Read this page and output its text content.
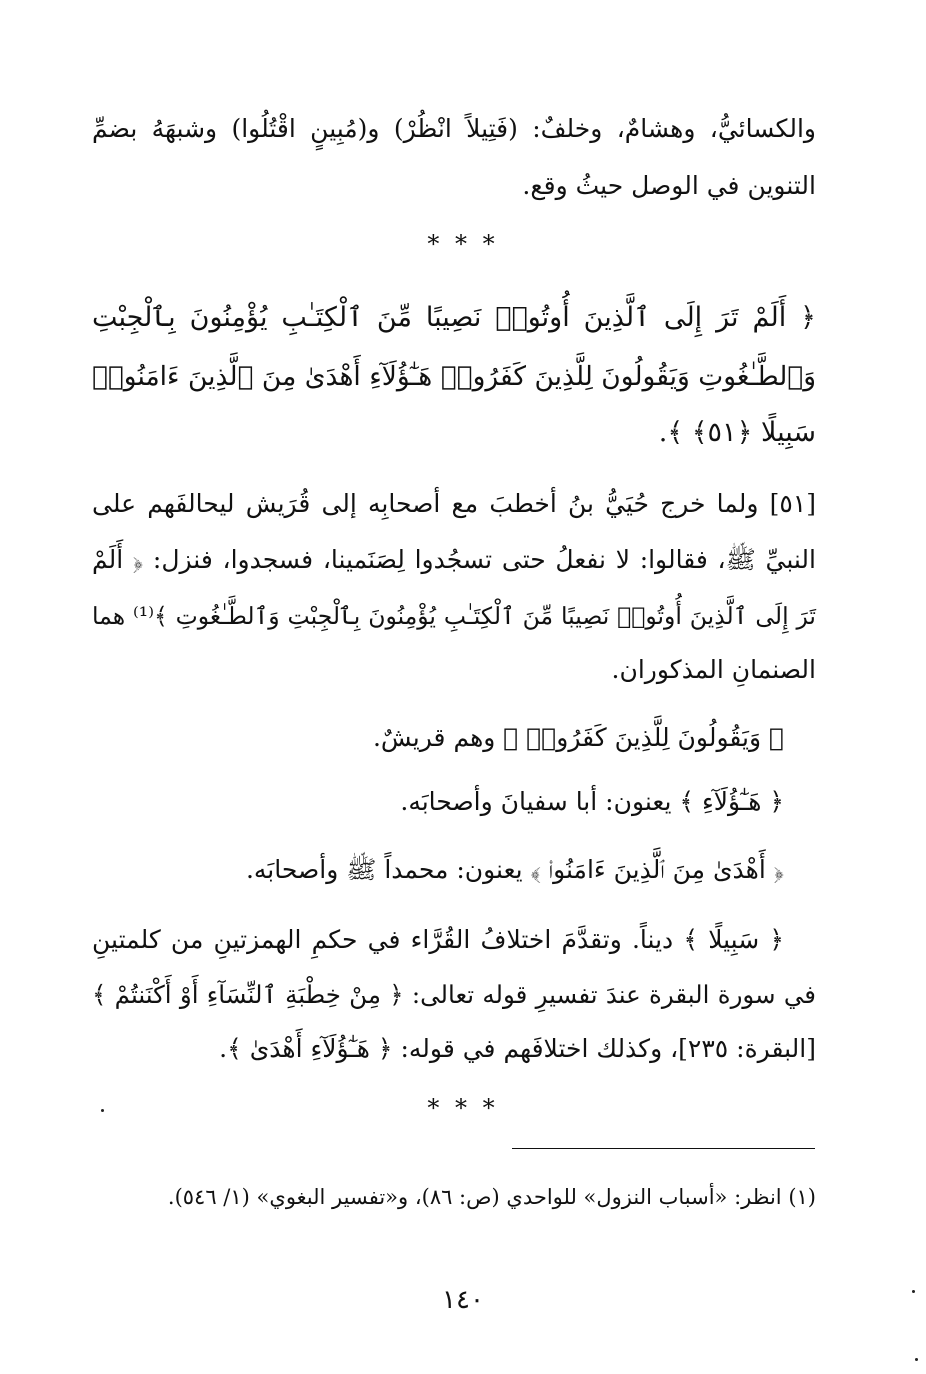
والكسائيُّ، وهشامٌ، وخلفٌ: (فَتِيلاً انْظُرْ) و(مُبِينٍ اقْتُلُوا) وشبهَهُ بضمِّ
التنوين في الوصل حيثُ وقع.
* * *
﴿ أَلَمْ تَرَ إِلَى ٱلَّذِينَ أُوتُوا۟ نَصِيبًا مِّنَ ٱلْكِتَـٰبِ يُؤْمِنُونَ بِٱلْجِبْتِ
وَٱلطَّـٰغُوتِ وَيَقُولُونَ لِلَّذِينَ كَفَرُوا۟ هَـٰٓؤُلَآءِ أَهْدَىٰ مِنَ ٱلَّذِينَ ءَامَنُوا۟
سَبِيلًا ﴿٥١﴾ ﴾.
[٥١] ولما خرج حُيَيُّ بنُ أخطبَ مع أصحابِه إلى قُرَيش ليحالفَهم على
النبيِّ ﷺ، فقالوا: لا نفعلُ حتى تسجُدوا لِصَنَمينا، فسجدوا، فنزل: ﴿ أَلَمْ
تَرَ إِلَى ٱلَّذِينَ أُوتُوا۟ نَصِيبًا مِّنَ ٱلْكِتَـٰبِ يُؤْمِنُونَ بِٱلْجِبْتِ وَٱلطَّـٰغُوتِ ﴾⁽¹⁾ هما
الصنمانِ المذكوران.
﴿ وَيَقُولُونَ لِلَّذِينَ كَفَرُوا۟ ﴾ وهم قريشٌ.
﴿ هَـٰٓؤُلَآءِ ﴾ يعنون: أبا سفيانَ وأصحابَه.
﴿ أَهْدَىٰ مِنَ ٱلَّذِينَ ءَامَنُوا۟ ﴾ يعنون: محمداً ﷺ وأصحابَه.
﴿ سَبِيلًا ﴾ ديناً. وتقدَّمَ اختلافُ القُرَّاء في حكمِ الهمزتينِ من كلمتينِ
في سورة البقرة عندَ تفسيرِ قوله تعالى: ﴿ مِنْ خِطْبَةِ ٱلنِّسَآءِ أَوْ أَكْنَنتُمْ ﴾
[البقرة: ٢٣٥]، وكذلك اختلافَهم في قوله: ﴿ هَـٰٓؤُلَآءِ أَهْدَىٰ ﴾.
* * *
(١) انظر: «أسباب النزول» للواحدي (ص: ٨٦)، و«تفسير البغوي» (١/ ٥٤٦).
١٤٠
